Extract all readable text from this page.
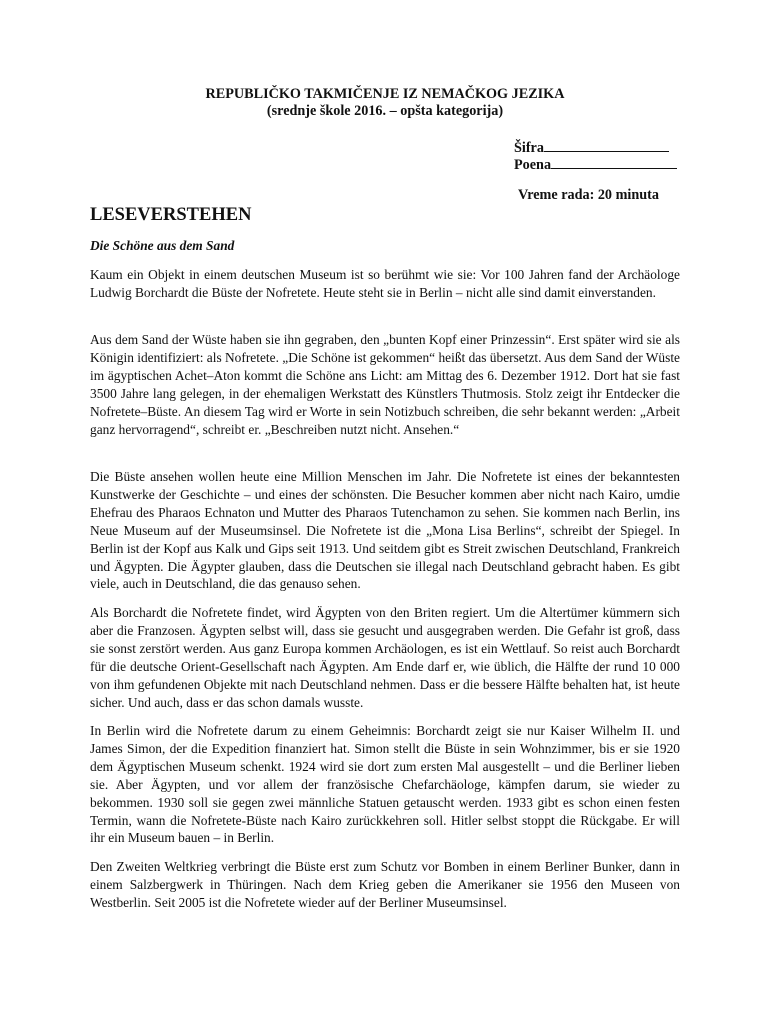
REPUBLIČKO TAKMIČENJE IZ NEMAČKOG JEZIKA
(srednje škole 2016. – opšta kategorija)
Šifra
Poena
Vreme rada: 20 minuta
LESEVERSTEHEN
Die Schöne aus dem Sand
Kaum ein Objekt in einem deutschen Museum ist so berühmt wie sie: Vor 100 Jahren fand der Archäologe Ludwig Borchardt die Büste der Nofretete. Heute steht sie in Berlin – nicht alle sind damit einverstanden.
Aus dem Sand der Wüste haben sie ihn gegraben, den „bunten Kopf einer Prinzessin“. Erst später wird sie als Königin identifiziert: als Nofretete. „Die Schöne ist gekommen“ heißt das übersetzt. Aus dem Sand der Wüste im ägyptischen Achet–Aton kommt die Schöne ans Licht: am Mittag des 6. Dezember 1912. Dort hat sie fast 3500 Jahre lang gelegen, in der ehemaligen Werkstatt des Künstlers Thutmosis. Stolz zeigt ihr Entdecker die Nofretete–Büste. An diesem Tag wird er Worte in sein Notizbuch schreiben, die sehr bekannt werden: „Arbeit ganz hervorragend“, schreibt er. „Beschreiben nutzt nicht. Ansehen.“
Die Büste ansehen wollen heute eine Million Menschen im Jahr. Die Nofretete ist eines der bekanntesten Kunstwerke der Geschichte – und eines der schönsten. Die Besucher kommen aber nicht nach Kairo, umdie Ehefrau des Pharaos Echnaton und Mutter des Pharaos Tutenchamon zu sehen. Sie kommen nach Berlin, ins Neue Museum auf der Museumsinsel. Die Nofretete ist die „Mona Lisa Berlins“, schreibt der Spiegel. In Berlin ist der Kopf aus Kalk und Gips seit 1913. Und seitdem gibt es Streit zwischen Deutschland, Frankreich und Ägypten. Die Ägypter glauben, dass die Deutschen sie illegal nach Deutschland gebracht haben. Es gibt viele, auch in Deutschland, die das genauso sehen.
Als Borchardt die Nofretete findet, wird Ägypten von den Briten regiert. Um die Altertümer kümmern sich aber die Franzosen. Ägypten selbst will, dass sie gesucht und ausgegraben werden. Die Gefahr ist groß, dass sie sonst zerstört werden. Aus ganz Europa kommen Archäologen, es ist ein Wettlauf. So reist auch Borchardt für die deutsche Orient-Gesellschaft nach Ägypten. Am Ende darf er, wie üblich, die Hälfte der rund 10 000 von ihm gefundenen Objekte mit nach Deutschland nehmen. Dass er die bessere Hälfte behalten hat, ist heute sicher. Und auch, dass er das schon damals wusste.
In Berlin wird die Nofretete darum zu einem Geheimnis: Borchardt zeigt sie nur Kaiser Wilhelm II. und James Simon, der die Expedition finanziert hat. Simon stellt die Büste in sein Wohnzimmer, bis er sie 1920 dem Ägyptischen Museum schenkt. 1924 wird sie dort zum ersten Mal ausgestellt – und die Berliner lieben sie. Aber Ägypten, und vor allem der französische Chefarchäologe, kämpfen darum, sie wieder zu bekommen. 1930 soll sie gegen zwei männliche Statuen getauscht werden. 1933 gibt es schon einen festen Termin, wann die Nofretete-Büste nach Kairo zurückkehren soll. Hitler selbst stoppt die Rückgabe. Er will ihr ein Museum bauen – in Berlin.
Den Zweiten Weltkrieg verbringt die Büste erst zum Schutz vor Bomben in einem Berliner Bunker, dann in einem Salzbergwerk in Thüringen. Nach dem Krieg geben die Amerikaner sie 1956 den Museen von Westberlin. Seit 2005 ist die Nofretete wieder auf der Berliner Museumsinsel.
